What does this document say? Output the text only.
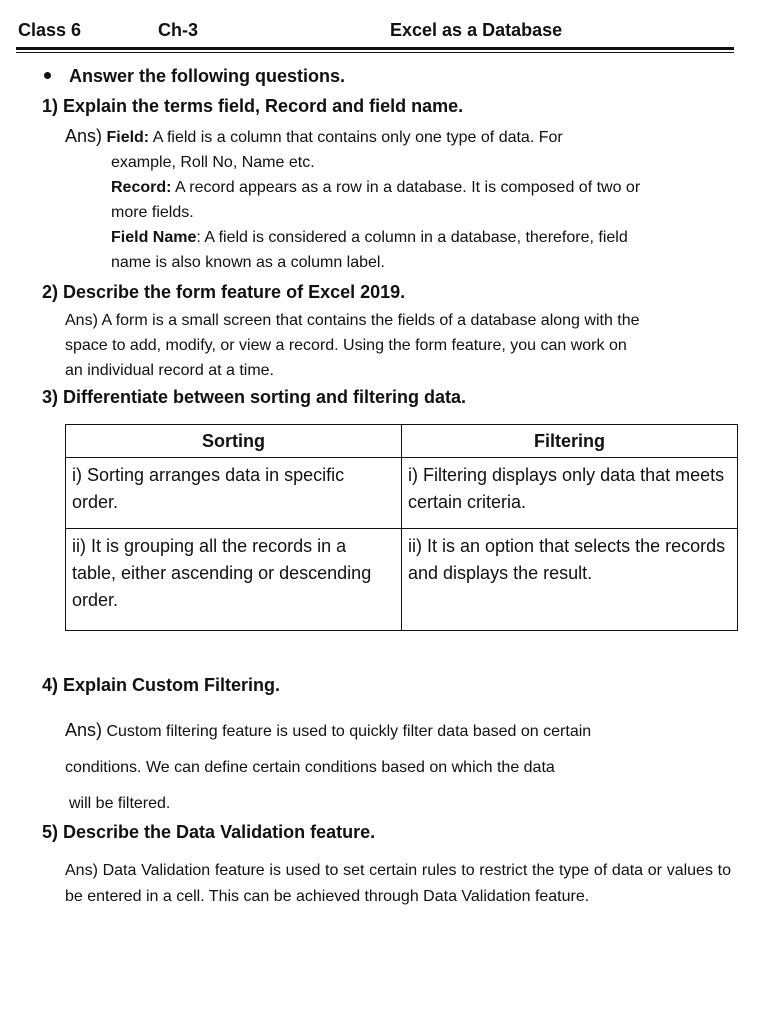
Class 6	Ch-3	Excel as a Database
Answer the following questions.
1) Explain the terms field, Record and field name.
Ans) Field: A field is a column that contains only one type of data. For
example, Roll No, Name etc.
Record: A record appears as a row in a database. It is composed of two or
more fields.
Field Name: A field is considered a column in a database, therefore, field
name is also known as a column label.
2) Describe the form feature of Excel 2019.
Ans) A form is a small screen that contains the fields of a database along with the
space to add, modify, or view a record. Using the form feature, you can work on
an individual record at a time.
3) Differentiate between sorting and filtering data.
Sorting	Filtering
i) Sorting arranges data in specific order.	i) Filtering displays only data that meets certain criteria.
ii) It is grouping all the records in a table, either ascending or descending order.	ii) It is an option that selects the records and displays the result.
4) Explain Custom Filtering.
Ans) Custom filtering feature is used to quickly filter data based on certain
conditions. We can define certain conditions based on which the data
will be filtered.
5) Describe the Data Validation feature.
Ans) Data Validation feature is used to set certain rules to restrict the type of data or values to be entered in a cell. This can be achieved through Data Validation feature.
